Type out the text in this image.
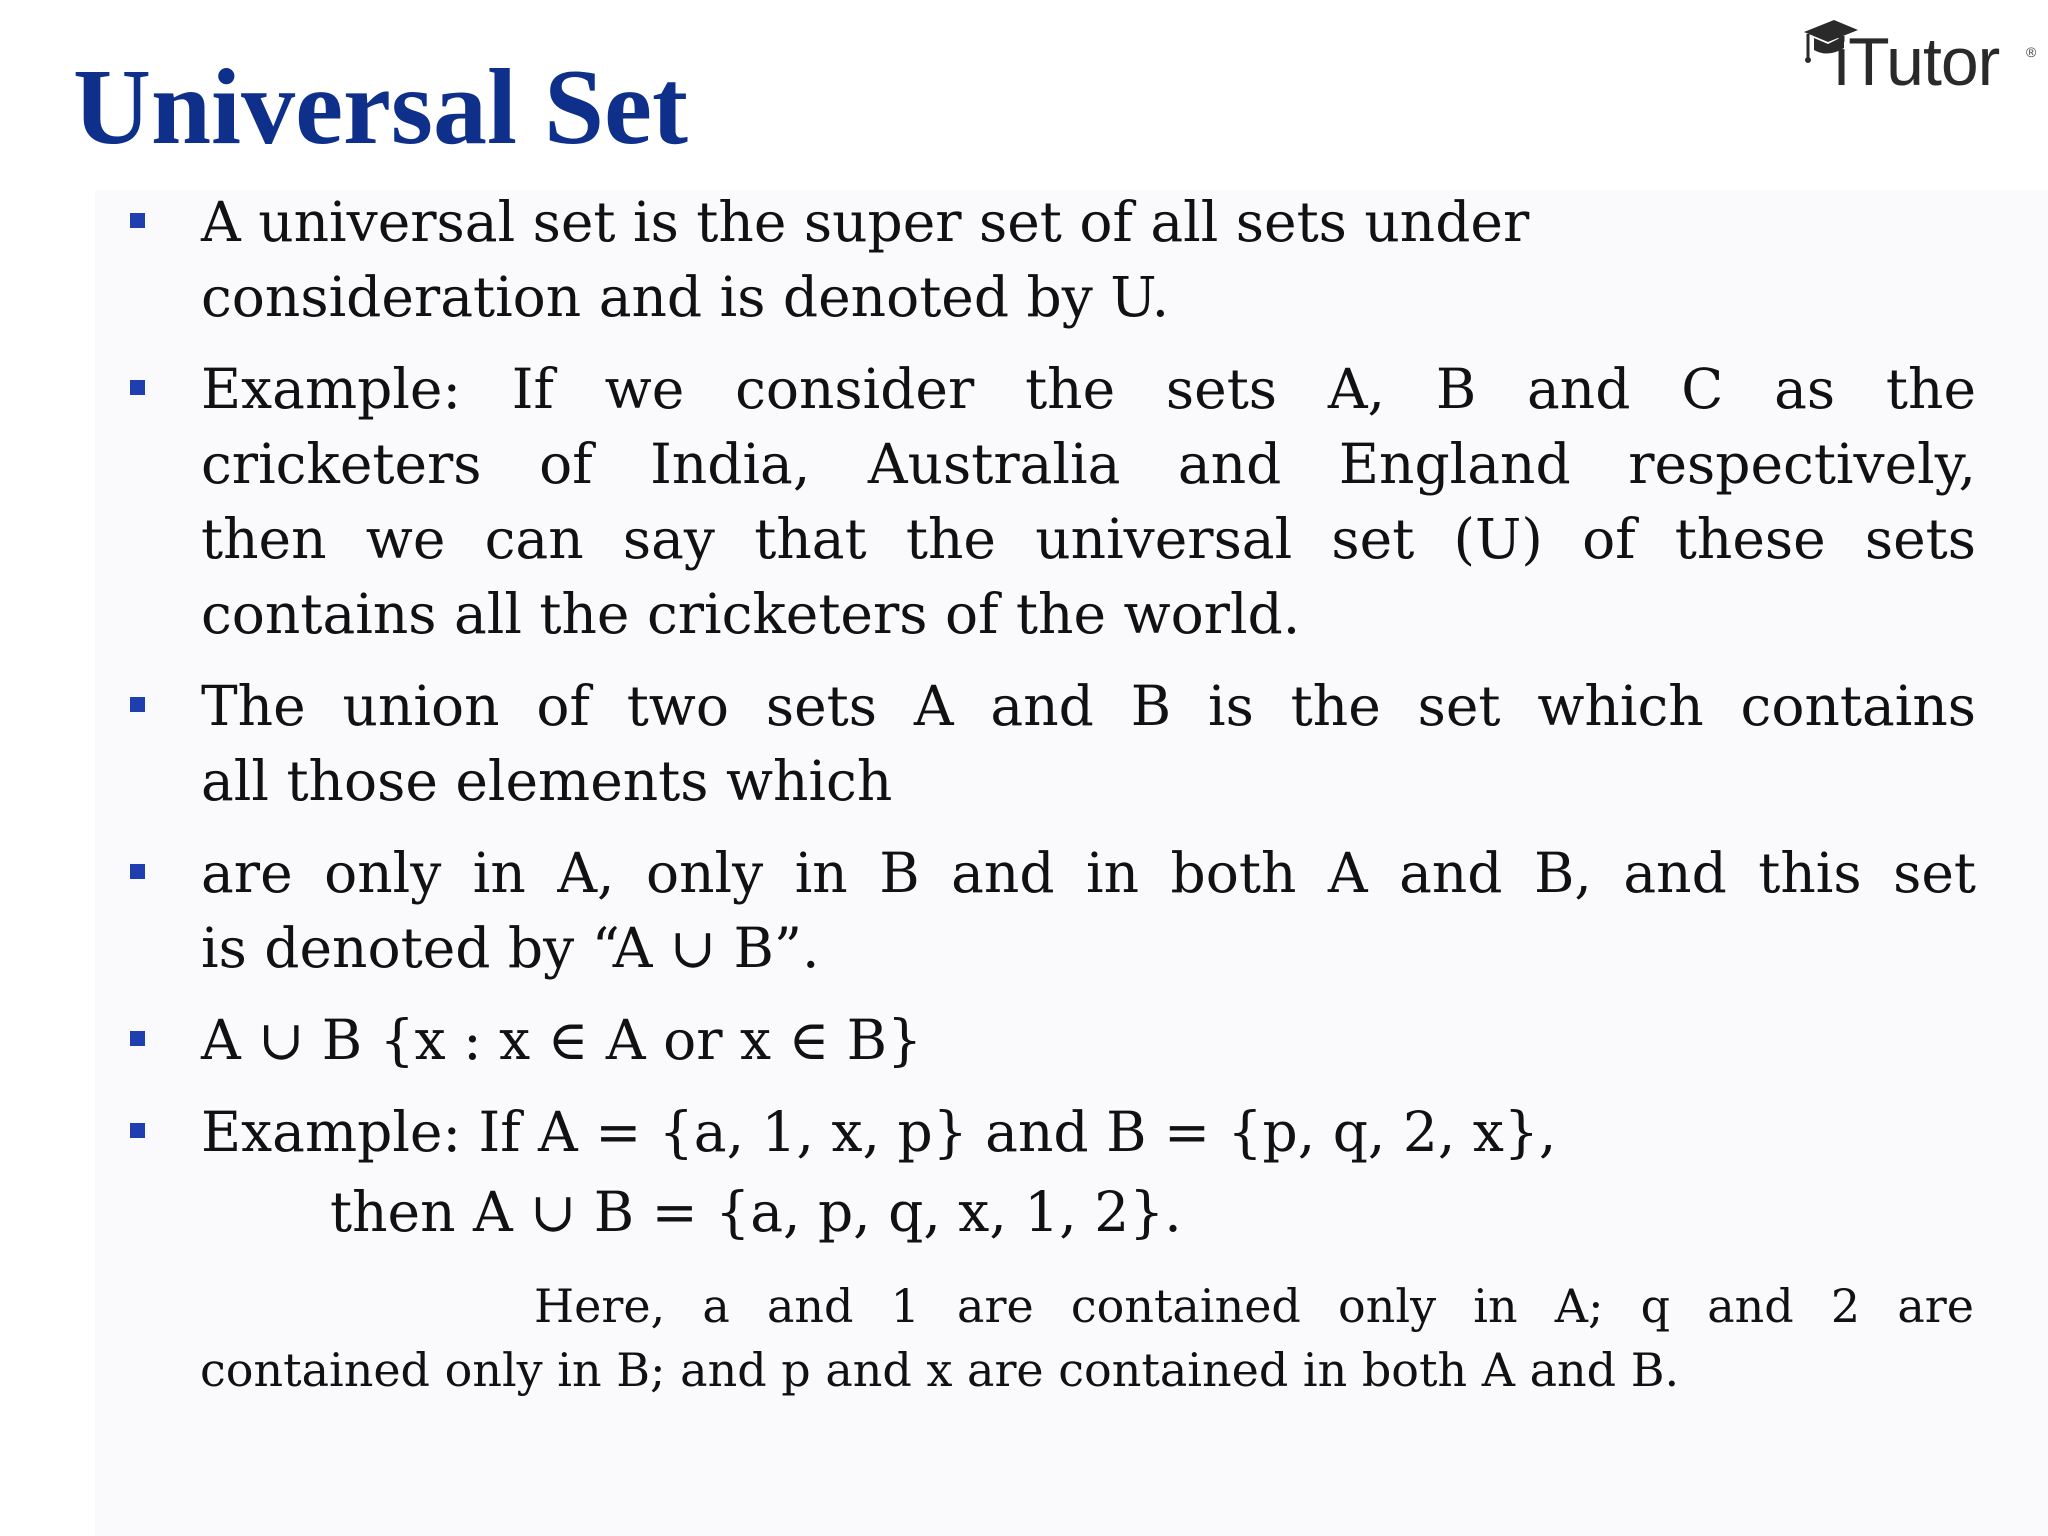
Universal Set	iTutor ®
A universal set is the super set of all sets under
consideration and is denoted by U.
Example: If we consider the sets A, B and C as the
cricketers of India, Australia and England respectively,
then we can say that the universal set (U) of these sets
contains all the cricketers of the world.
The union of two sets A and B is the set which contains
all those elements which
are only in A, only in B and in both A and B, and this set
is denoted by “A ∪ B”.
A ∪ B {x : x ∈ A or x ∈ B}
Example: If A = {a, 1, x, p} and B = {p, q, 2, x},
then A ∪ B = {a, p, q, x, 1, 2}.
Here, a and 1 are contained only in A; q and 2 are
contained only in B; and p and x are contained in both A and B.
